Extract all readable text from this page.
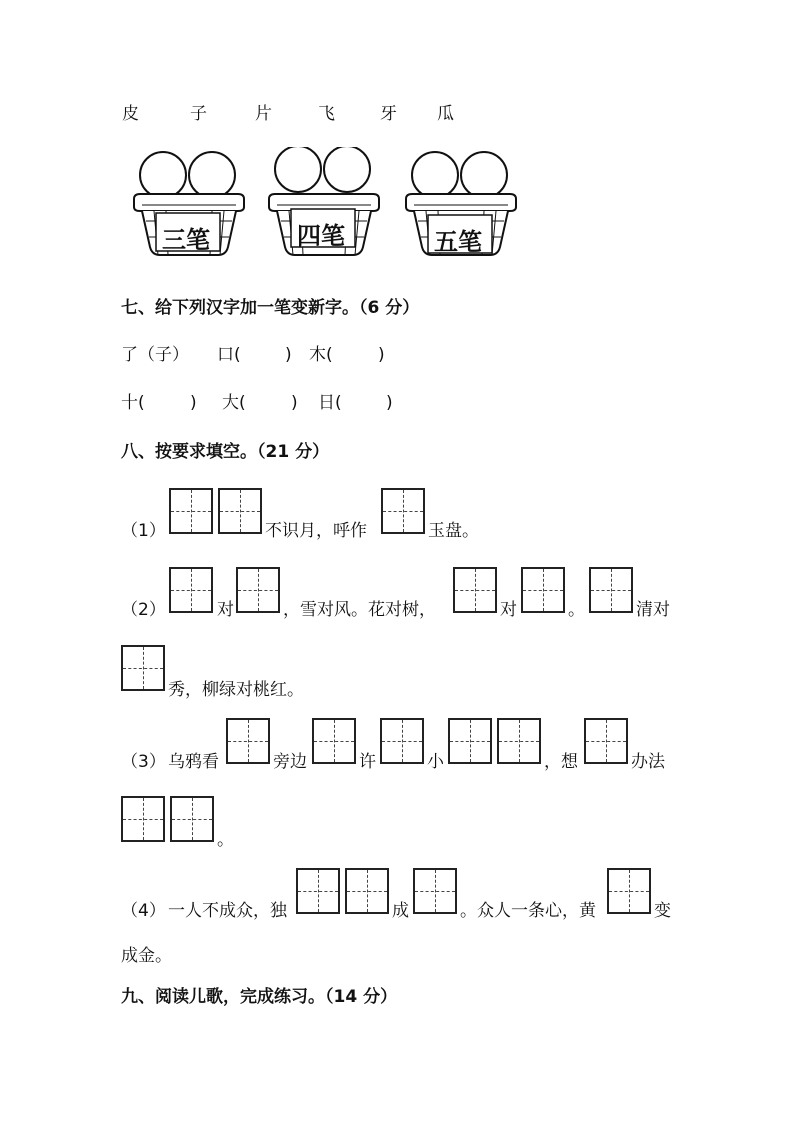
皮	子	片	飞	牙 瓜
三笔	四笔	五笔
七、给下列汉字加一笔变新字。（6 分）
了（子） 口(	) 木(	)
十(	) 大(	) 日(	)
八、按要求填空。（21 分）
（1）	不识月，呼作	玉盘。
（2）	对	，雪对风。花对树，	对	。	清对
秀，柳绿对桃红。
（3） 乌鸦看	旁边	许	小	，想	办法
。
（4） 一人不成众，独	成	。众人一条心，黄	变
成金。
九、阅读儿歌，完成练习。（14 分）
